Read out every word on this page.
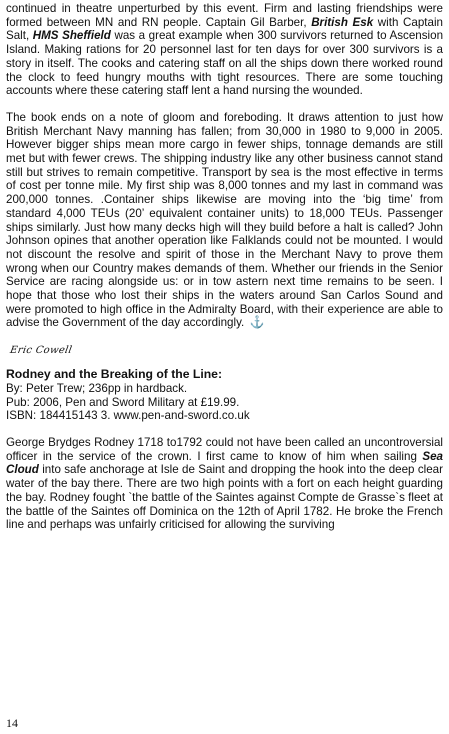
continued in theatre unperturbed by this event. Firm and lasting friendships were formed between MN and RN people. Captain Gil Barber, British Esk with Captain Salt, HMS Sheffield was a great example when 300 survivors returned to Ascension Island. Making rations for 20 personnel last for ten days for over 300 survivors is a story in itself. The cooks and catering staff on all the ships down there worked round the clock to feed hungry mouths with tight resources. There are some touching accounts where these catering staff lent a hand nursing the wounded.

The book ends on a note of gloom and foreboding. It draws attention to just how British Merchant Navy manning has fallen; from 30,000 in 1980 to 9,000 in 2005. However bigger ships mean more cargo in fewer ships, tonnage demands are still met but with fewer crews. The shipping industry like any other business cannot stand still but strives to remain competitive. Transport by sea is the most effective in terms of cost per tonne mile. My first ship was 8,000 tonnes and my last in command was 200,000 tonnes. .Container ships likewise are moving into the ‘big time’ from standard 4,000 TEUs (20’ equivalent container units) to 18,000 TEUs. Passenger ships similarly. Just how many decks high will they build before a halt is called? John Johnson opines that another operation like Falklands could not be mounted. I would not discount the resolve and spirit of those in the Merchant Navy to prove them wrong when our Country makes demands of them. Whether our friends in the Senior Service are racing alongside us: or in tow astern next time remains to be seen. I hope that those who lost their ships in the waters around San Carlos Sound and were promoted to high office in the Admiralty Board, with their experience are able to advise the Government of the day accordingly. ⚓

Eric Cowell

Rodney and the Breaking of the Line:

By: Peter Trew; 236pp in hardback.

Pub: 2006, Pen and Sword Military at £19.99.

ISBN: 184415143 3. www.pen-and-sword.co.uk

George Brydges Rodney 1718 to1792 could not have been called an uncontroversial officer in the service of the crown. I first came to know of him when sailing Sea Cloud into safe anchorage at Isle de Saint and dropping the hook into the deep clear water of the bay there. There are two high points with a fort on each height guarding the bay. Rodney fought `the battle of the Saintes against Compte de Grasse`s fleet at the battle of the Saintes off Dominica on the 12th of April 1782. He broke the French line and perhaps was unfairly criticised for allowing the surviving

14
